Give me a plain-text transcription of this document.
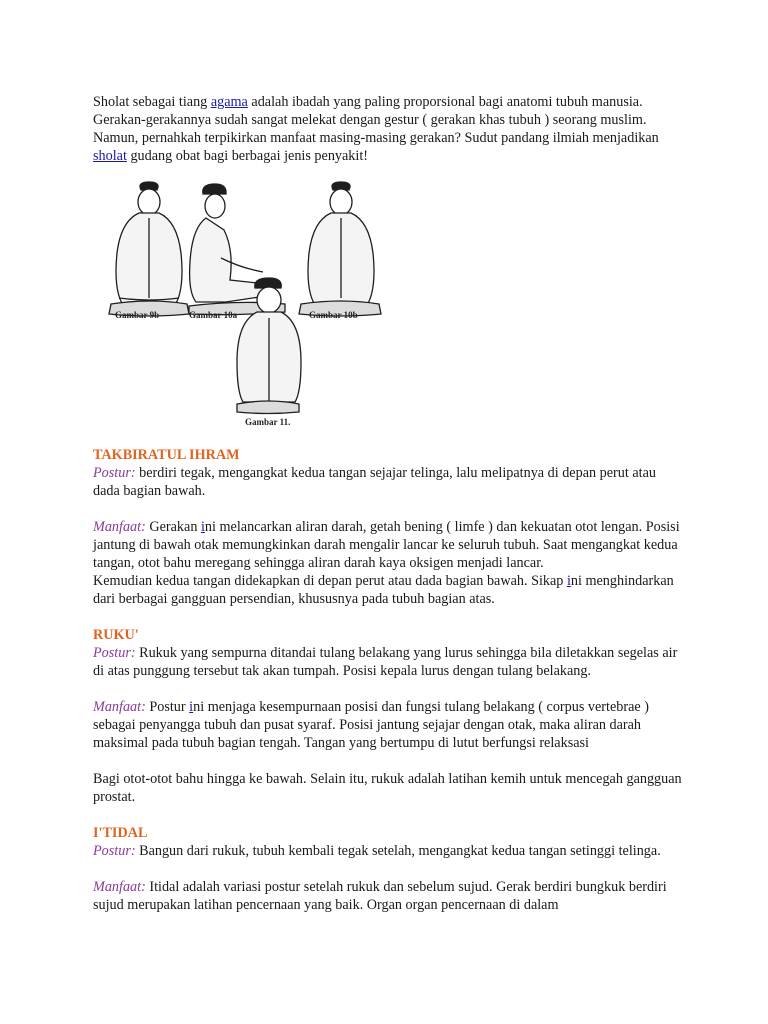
Sholat sebagai tiang agama adalah ibadah yang paling proporsional bagi anatomi tubuh manusia. Gerakan-gerakannya sudah sangat melekat dengan gestur ( gerakan khas tubuh ) seorang muslim. Namun, pernahkah terpikirkan manfaat masing-masing gerakan? Sudut pandang ilmiah menjadikan sholat gudang obat bagi berbagai jenis penyakit!

Gambar 9b	Gambar 10a	Gambar 10b
Gambar 11.

TAKBIRATUL IHRAM

Postur: berdiri tegak, mengangkat kedua tangan sejajar telinga, lalu melipatnya di depan perut atau dada bagian bawah.

Manfaat: Gerakan ini melancarkan aliran darah, getah bening ( limfe ) dan kekuatan otot lengan. Posisi jantung di bawah otak memungkinkan darah mengalir lancar ke seluruh tubuh. Saat mengangkat kedua tangan, otot bahu meregang sehingga aliran darah kaya oksigen menjadi lancar.

Kemudian kedua tangan didekapkan di depan perut atau dada bagian bawah. Sikap ini menghindarkan dari berbagai gangguan persendian, khususnya pada tubuh bagian atas.

RUKU'

Postur: Rukuk yang sempurna ditandai tulang belakang yang lurus sehingga bila diletakkan segelas air di atas punggung tersebut tak akan tumpah. Posisi kepala lurus dengan tulang belakang.

Manfaat: Postur ini menjaga kesempurnaan posisi dan fungsi tulang belakang ( corpus vertebrae ) sebagai penyangga tubuh dan pusat syaraf. Posisi jantung sejajar dengan otak, maka aliran darah maksimal pada tubuh bagian tengah. Tangan yang bertumpu di lutut berfungsi relaksasi

Bagi otot-otot bahu hingga ke bawah. Selain itu, rukuk adalah latihan kemih untuk mencegah gangguan prostat.

I'TIDAL

Postur: Bangun dari rukuk, tubuh kembali tegak setelah, mengangkat kedua tangan setinggi telinga.

Manfaat: Itidal adalah variasi postur setelah rukuk dan sebelum sujud. Gerak berdiri bungkuk berdiri sujud merupakan latihan pencernaan yang baik. Organ organ pencernaan di dalam
